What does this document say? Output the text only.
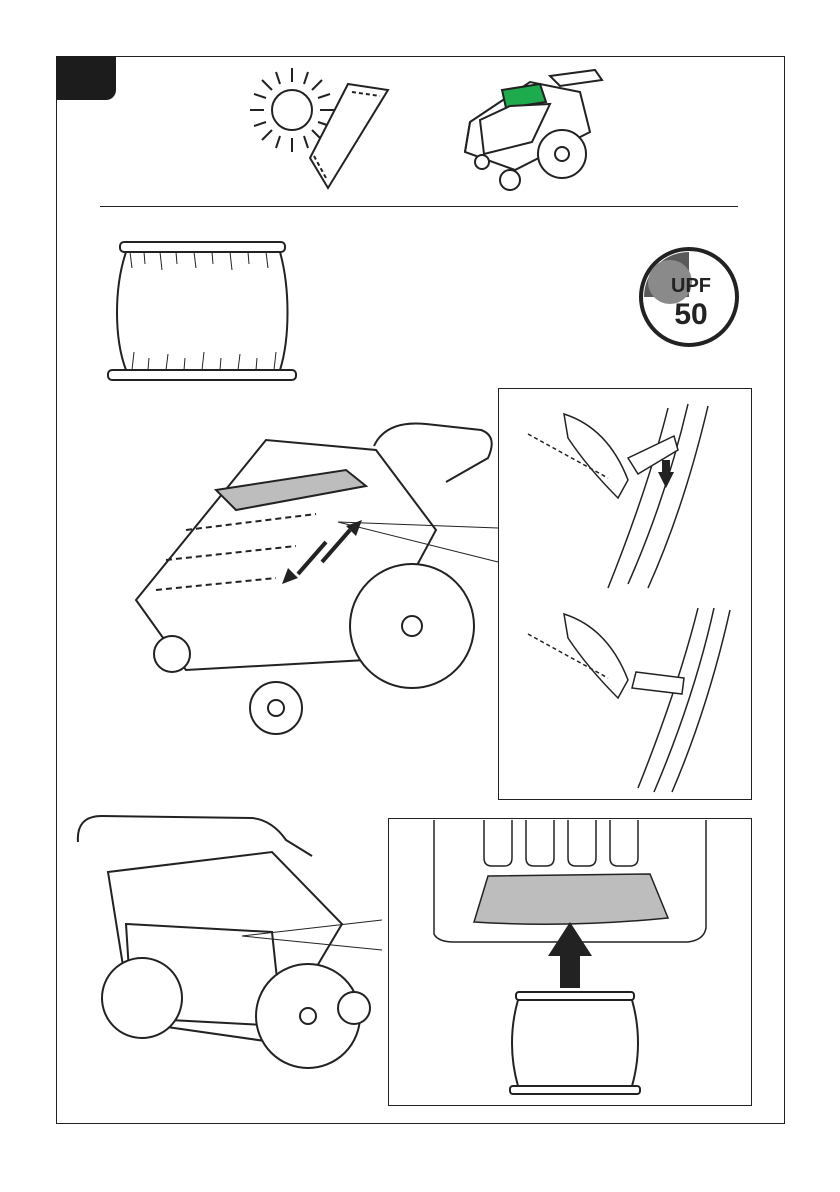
UPF
50
